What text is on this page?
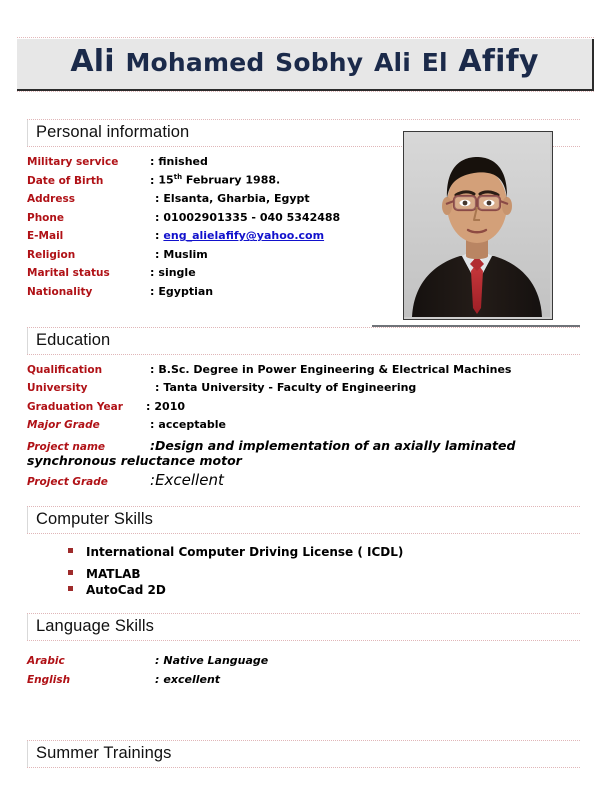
Ali Mohamed Sobhy Ali El Afify
Personal information
Military service	: finished
Date of Birth	: 15th February 1988.
Address	: Elsanta, Gharbia, Egypt
Phone	: 01002901335 - 040 5342488
E-Mail	: eng_alielafify@yahoo.com
Religion	: Muslim
Marital status	: single
Nationality	: Egyptian
Education
Qualification	: B.Sc. Degree in Power Engineering & Electrical Machines
University	: Tanta University - Faculty of Engineering
Graduation Year	: 2010
Major Grade	: acceptable
Project name	:Design and implementation of an axially laminated
synchronous reluctance motor
Project Grade	:Excellent
Computer Skills
International Computer Driving License ( ICDL)
MATLAB
AutoCad 2D
Language Skills
Arabic	: Native Language
English	: excellent
Summer Trainings
